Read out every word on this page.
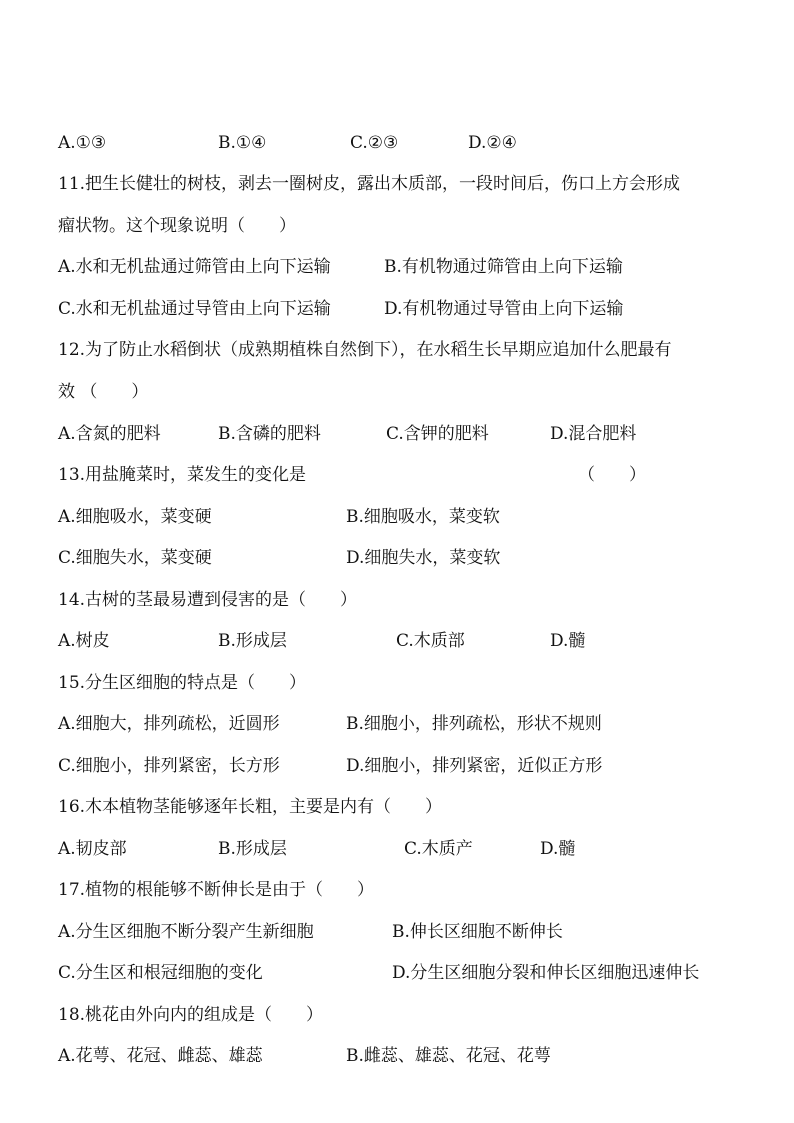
A.①③	B.①④	C.②③	D.②④
11.把生长健壮的树枝，剥去一圈树皮，露出木质部，一段时间后，伤口上方会形成
瘤状物。这个现象说明（　　）
A.水和无机盐通过筛管由上向下运输	B.有机物通过筛管由上向下运输
C.水和无机盐通过导管由上向下运输	D.有机物通过导管由上向下运输
12.为了防止水稻倒状（成熟期植株自然倒下），在水稻生长早期应追加什么肥最有
效 （　　）
A.含氮的肥料	B.含磷的肥料	C.含钾的肥料	D.混合肥料
13.用盐腌菜时，菜发生的变化是	（　　）
A.细胞吸水，菜变硬	B.细胞吸水，菜变软
C.细胞失水，菜变硬	D.细胞失水，菜变软
14.古树的茎最易遭到侵害的是（　　）
A.树皮	B.形成层	C.木质部	D.髓
15.分生区细胞的特点是（　　）
A.细胞大，排列疏松，近圆形	B.细胞小，排列疏松，形状不规则
C.细胞小，排列紧密，长方形	D.细胞小，排列紧密，近似正方形
16.木本植物茎能够逐年长粗，主要是内有（　　）
A.韧皮部	B.形成层	C.木质产	D.髓
17.植物的根能够不断伸长是由于（　　）
A.分生区细胞不断分裂产生新细胞	B.伸长区细胞不断伸长
C.分生区和根冠细胞的变化	D.分生区细胞分裂和伸长区细胞迅速伸长
18.桃花由外向内的组成是（　　）
A.花萼、花冠、雌蕊、雄蕊	B.雌蕊、雄蕊、花冠、花萼
